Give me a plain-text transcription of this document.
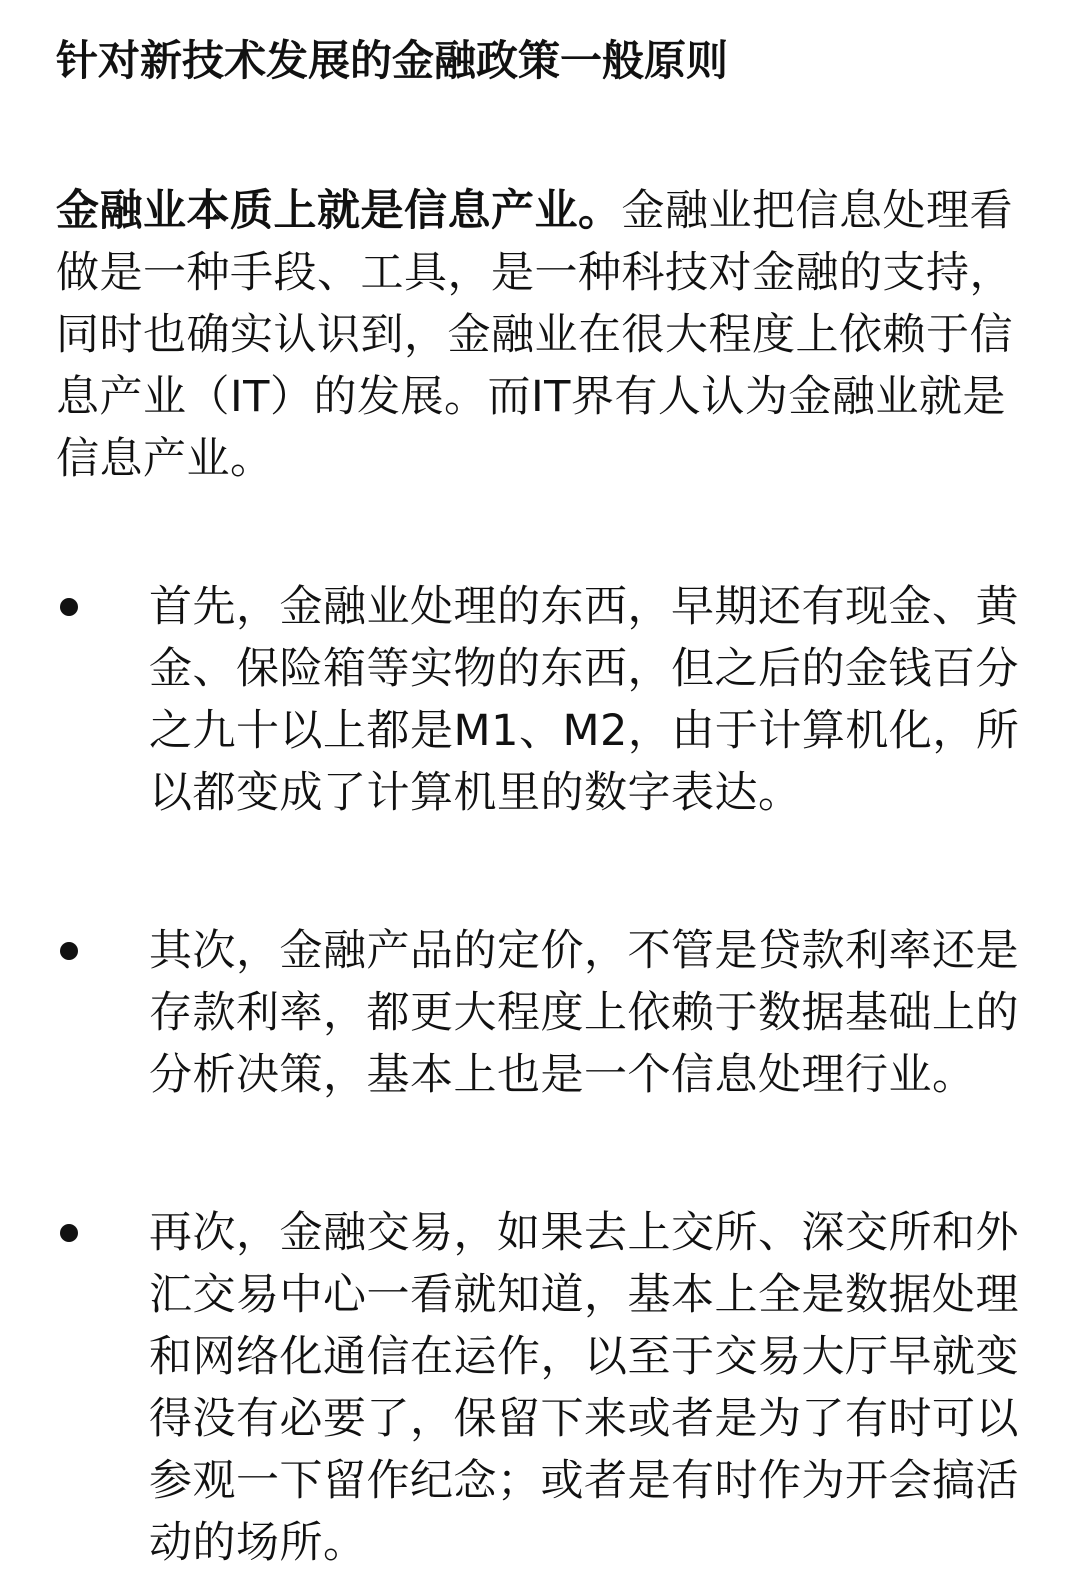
针对新技术发展的金融政策一般原则

金融业本质上就是信息产业。金融业把信息处理看做是一种手段、工具，是一种科技对金融的支持，同时也确实认识到，金融业在很大程度上依赖于信息产业（IT）的发展。而IT界有人认为金融业就是信息产业。

首先，金融业处理的东西，早期还有现金、黄金、保险箱等实物的东西，但之后的金钱百分之九十以上都是M1、M2，由于计算机化，所以都变成了计算机里的数字表达。
其次，金融产品的定价，不管是贷款利率还是存款利率，都更大程度上依赖于数据基础上的分析决策，基本上也是一个信息处理行业。
再次，金融交易，如果去上交所、深交所和外汇交易中心一看就知道，基本上全是数据处理和网络化通信在运作，以至于交易大厅早就变得没有必要了，保留下来或者是为了有时可以参观一下留作纪念；或者是有时作为开会搞活动的场所。
